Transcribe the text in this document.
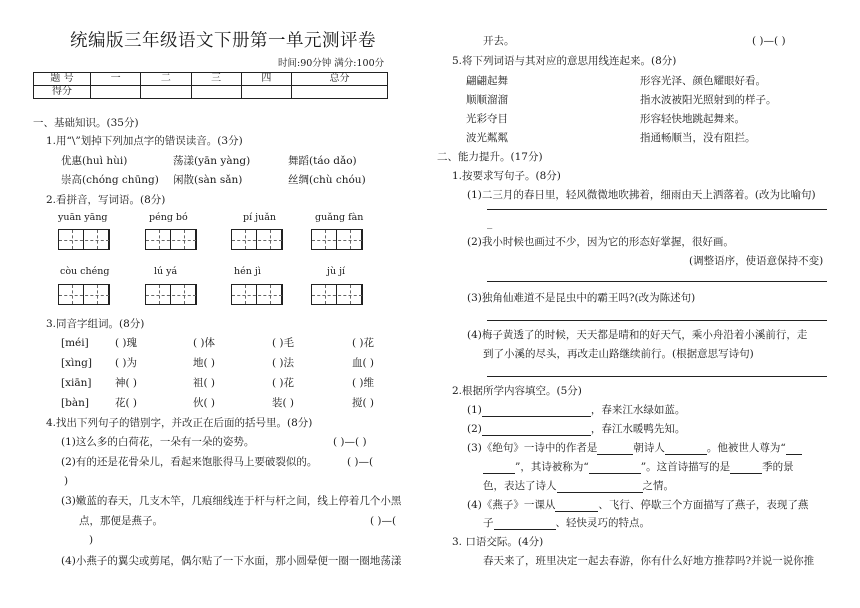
统编版三年级语文下册第一单元测评卷
时间:90分钟 满分:100分
题 号	一	二	三	四	总分
得分					
一、基础知识。(35分)
1.用“\”划掉下列加点字的错误读音。(3分)
优惠(huì hùi)	荡漾(yān yàng)	舞蹈(táo dǎo)
崇高(chóng chūng) 闲散(sàn sǎn)	丝绸(chù chóu)
2.看拼音，写词语。(8分)
yuān yāng	péng bó	pí juǎn	guǎng fàn
còu chéng	lú yá	hén jì	jù jí
3.同音字组词。(8分)
[méi]	( )瑰	( )体	( )毛	( )花
[xìng] ( )为	地( )	( )法	血( )
[xiān] 神( )	祖( )	( )花	( )维
[bàn] 花( )	伙( )	装( )	搅( )
4.找出下列句子的错别字，并改正在后面的括号里。(8分)
(1)这么多的白荷花，一朵有一朵的姿势。	( )—( )
(2)有的还是花骨朵儿，看起来饱胀得马上要破裂似的。	( )—(
)
(3)嫩蓝的春天，几支木竿，几痕细线连于杆与杆之间，线上停着几个小黑
点，那便是燕子。	( )—(
)
(4)小燕子的翼尖或剪尾，偶尔贴了一下水面，那小圆晕便一圈一圈地荡漾
开去。	( )—( )
5.将下列词语与其对应的意思用线连起来。(8分)
翩翩起舞	形容光泽、颜色耀眼好看。
顺顺溜溜	指水波被阳光照射到的样子。
光彩夺目	形容轻快地跳起舞来。
波光粼粼	指通畅顺当，没有阻拦。
二、能力提升。(17分)
1.按要求写句子。(8分)
(1)二三月的春日里，轻风微微地吹拂着，细雨由天上洒落着。(改为比喻句)
_
(2)我小时候也画过不少，因为它的形态好掌握，很好画。
(调整语序，使语意保持不变)
(3)独角仙难道不是昆虫中的霸王吗?(改为陈述句)
(4)梅子黄透了的时候，天天都是晴和的好天气，乘小舟沿着小溪前行，走
到了小溪的尽头，再改走山路继续前行。(根据意思写诗句)
2.根据所学内容填空。(5分)
(1)	，春来江水绿如蓝。
(2)	，春江水暖鸭先知。
(3)《绝句》一诗中的作者是	朝诗人	。他被世人尊为“
”，其诗被称为“	”。这首诗描写的是	季的景
色，表达了诗人	之情。
(4)《燕子》一课从	、飞行、停歇三个方面描写了燕子，表现了燕
子	、轻快灵巧的特点。
3. 口语交际。(4分)
春天来了，班里决定一起去春游，你有什么好地方推荐吗?并说一说你推
